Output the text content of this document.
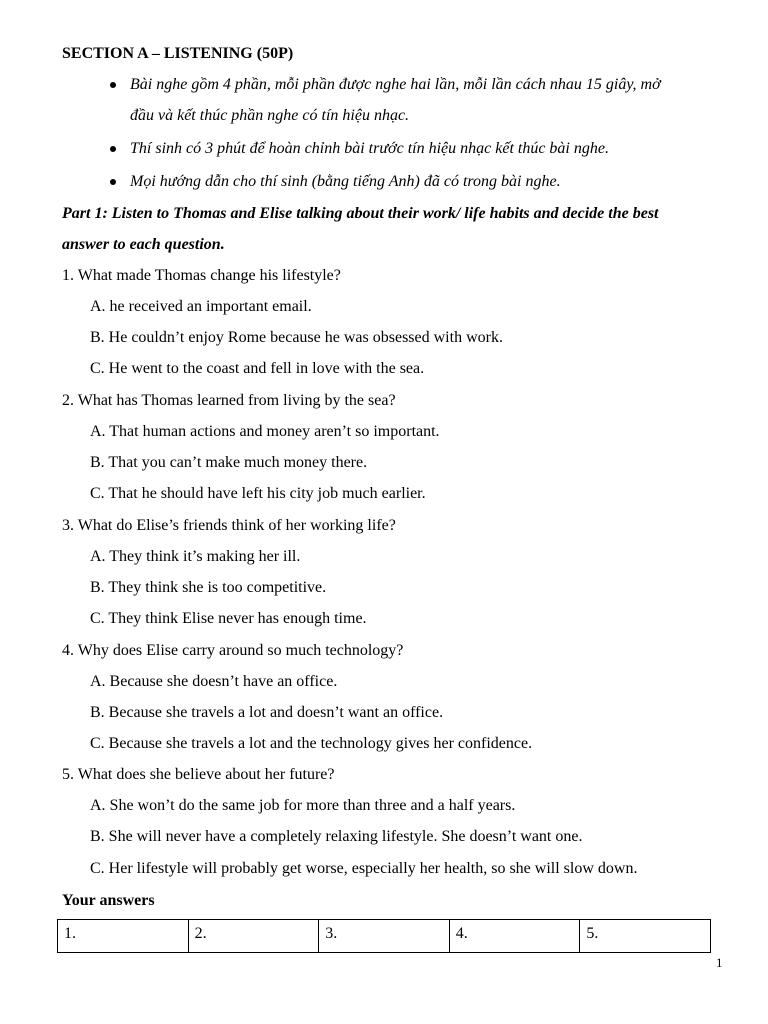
SECTION A – LISTENING (50P)
Bài nghe gồm 4 phần, mỗi phần được nghe hai lần, mỗi lần cách nhau 15 giây, mở
đầu và kết thúc phần nghe có tín hiệu nhạc.
Thí sinh có 3 phút để hoàn chỉnh bài trước tín hiệu nhạc kết thúc bài nghe.
Mọi hướng dẫn cho thí sinh (bằng tiếng Anh) đã có trong bài nghe.
Part 1: Listen to Thomas and Elise talking about their work/ life habits and decide the best
answer to each question.
1. What made Thomas change his lifestyle?
A. he received an important email.
B. He couldn’t enjoy Rome because he was obsessed with work.
C. He went to the coast and fell in love with the sea.
2. What has Thomas learned from living by the sea?
A. That human actions and money aren’t so important.
B. That you can’t make much money there.
C. That he should have left his city job much earlier.
3. What do Elise’s friends think of her working life?
A. They think it’s making her ill.
B. They think she is too competitive.
C. They think Elise never has enough time.
4. Why does Elise carry around so much technology?
A. Because she doesn’t have an office.
B. Because she travels a lot and doesn’t want an office.
C. Because she travels a lot and the technology gives her confidence.
5. What does she believe about her future?
A. She won’t do the same job for more than three and a half years.
B. She will never have a completely relaxing lifestyle. She doesn’t want one.
C. Her lifestyle will probably get worse, especially her health, so she will slow down.
Your answers
1.	2.	3.	4.	5.
1
